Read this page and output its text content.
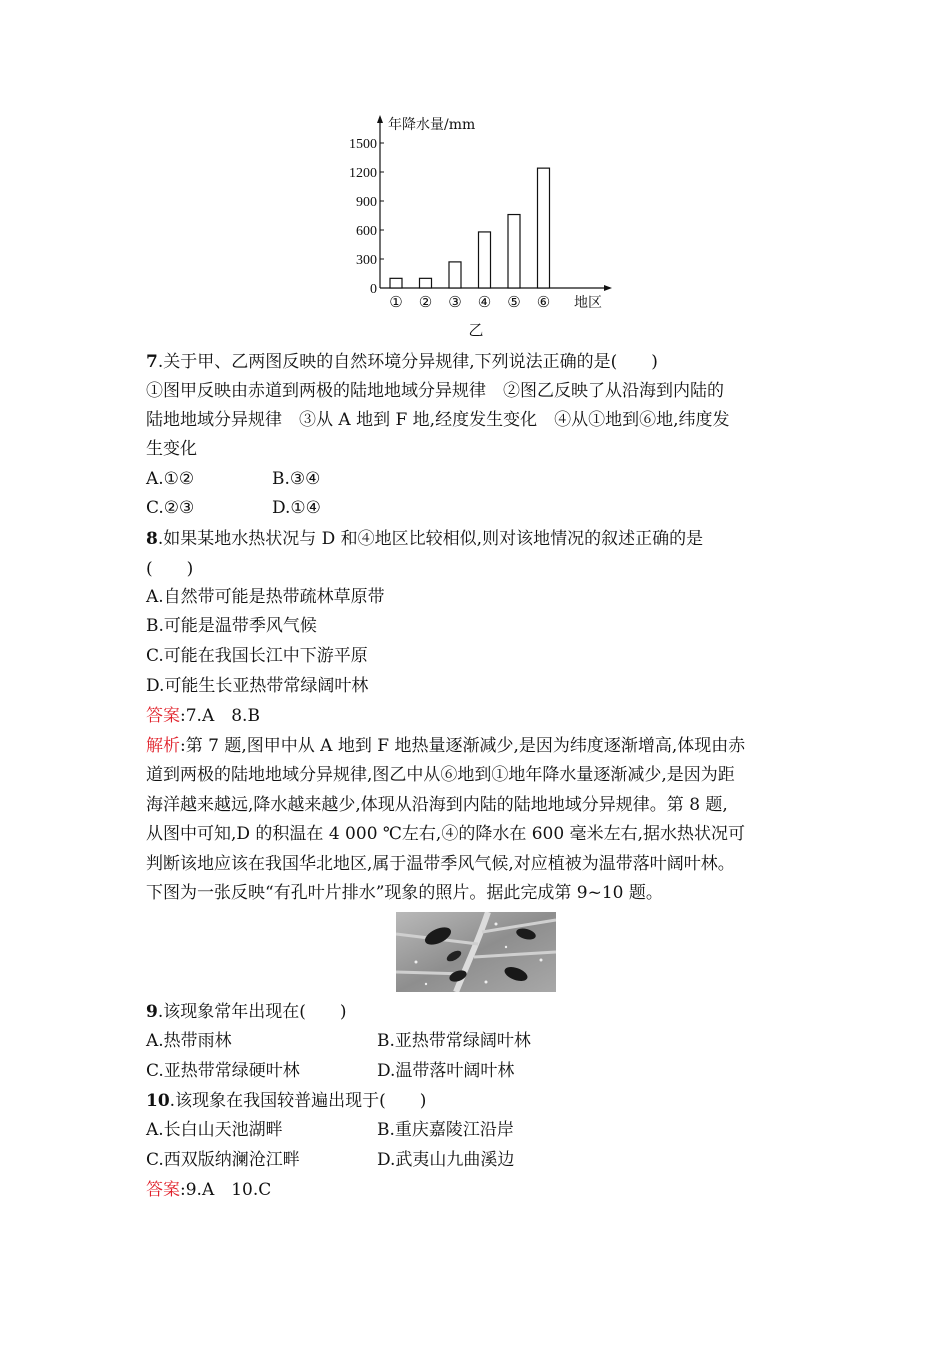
年降水量/mm
0
300
600
900
1200
1500
① ② ③ ④ ⑤ ⑥ 地区
乙
7.关于甲、乙两图反映的自然环境分异规律,下列说法正确的是(　　)
①图甲反映由赤道到两极的陆地地域分异规律　②图乙反映了从沿海到内陆的
陆地地域分异规律　③从 A 地到 F 地,经度发生变化　④从①地到⑥地,纬度发
生变化
A.①②	B.③④
C.②③	D.①④
8.如果某地水热状况与 D 和④地区比较相似,则对该地情况的叙述正确的是
(　　)
A.自然带可能是热带疏林草原带
B.可能是温带季风气候
C.可能在我国长江中下游平原
D.可能生长亚热带常绿阔叶林
答案:7.A　8.B
解析:第 7 题,图甲中从 A 地到 F 地热量逐渐减少,是因为纬度逐渐增高,体现由赤
道到两极的陆地地域分异规律,图乙中从⑥地到①地年降水量逐渐减少,是因为距
海洋越来越远,降水越来越少,体现从沿海到内陆的陆地地域分异规律。第 8 题,
从图中可知,D 的积温在 4 000 ℃左右,④的降水在 600 毫米左右,据水热状况可
判断该地应该在我国华北地区,属于温带季风气候,对应植被为温带落叶阔叶林。
下图为一张反映“有孔叶片排水”现象的照片。据此完成第 9~10 题。
9.该现象常年出现在(　　)
A.热带雨林	B.亚热带常绿阔叶林
C.亚热带常绿硬叶林	D.温带落叶阔叶林
10.该现象在我国较普遍出现于(　　)
A.长白山天池湖畔	B.重庆嘉陵江沿岸
C.西双版纳澜沧江畔	D.武夷山九曲溪边
答案:9.A　10.C
